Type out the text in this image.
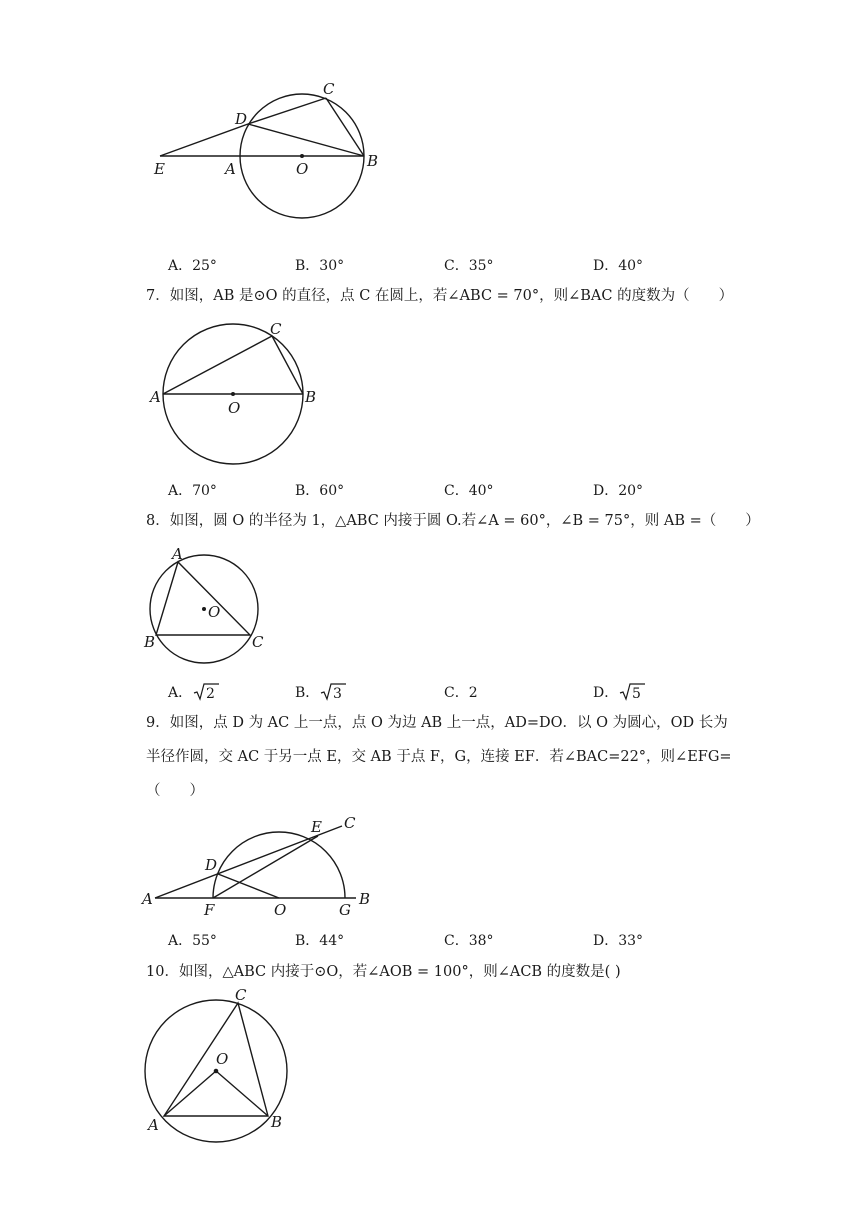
E	A	O	B
D
C
A．25°	B．30°	C．35°	D．40°
7．如图，AB 是⊙O 的直径，点 C 在圆上，若∠ABC = 70°，则∠BAC 的度数为（　　）
A
O
B
C
A．70°	B．60°	C．40°	D．20°
8．如图，圆 O 的半径为 1，△ABC 内接于圆 O.若∠A = 60°，∠B = 75°，则 AB =（　　）
A
O
B	C
A． 2	B． 3	C．2	D． 5
9．如图，点 D 为 AC 上一点，点 O 为边 AB 上一点，AD=DO．以 O 为圆心，OD 长为
半径作圆，交 AC 于另一点 E，交 AB 于点 F，G，连接 EF．若∠BAC=22°，则∠EFG=
（　　）
A
D
E C
F	O	G
B
A．55°	B．44°	C．38°	D．33°
10．如图，△ABC 内接于⊙O，若∠AOB = 100°，则∠ACB 的度数是( )
C
O
A	B
